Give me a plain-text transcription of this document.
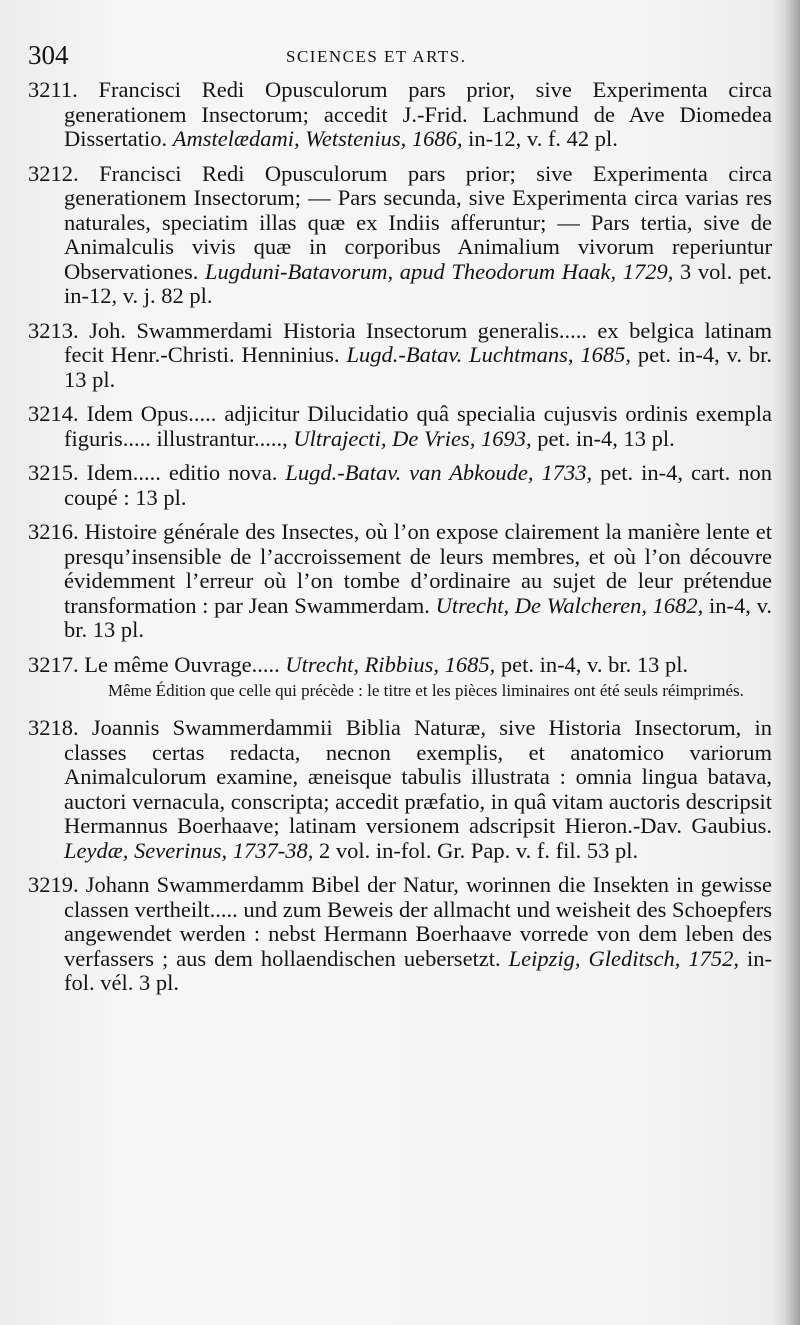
304	SCIENCES ET ARTS.
3211. Francisci Redi Opusculorum pars prior, sive Experimenta circa generationem Insectorum; accedit J.-Frid. Lachmund de Ave Diomedea Dissertatio. Amstelædami, Wetstenius, 1686, in-12, v. f. 42 pl.
3212. Francisci Redi Opusculorum pars prior; sive Experimenta circa generationem Insectorum; — Pars secunda, sive Experimenta circa varias res naturales, speciatim illas quæ ex Indiis afferuntur; — Pars tertia, sive de Animalculis vivis quæ in corporibus Animalium vivorum reperiuntur Observationes. Lugduni-Batavorum, apud Theodorum Haak, 1729, 3 vol. pet. in-12, v. j. 82 pl.
3213. Joh. Swammerdami Historia Insectorum generalis..... ex belgica latinam fecit Henr.-Christi. Henninius. Lugd.-Batav. Luchtmans, 1685, pet. in-4, v. br. 13 pl.
3214. Idem Opus..... adjicitur Dilucidatio quâ specialia cujusvis ordinis exempla figuris..... illustrantur....., Ultrajecti, De Vries, 1693, pet. in-4, 13 pl.
3215. Idem..... editio nova. Lugd.-Batav. van Abkoude, 1733, pet. in-4, cart. non coupé : 13 pl.
3216. Histoire générale des Insectes, où l’on expose clairement la manière lente et presqu’insensible de l’accroissement de leurs membres, et où l’on découvre évidemment l’erreur où l’on tombe d’ordinaire au sujet de leur prétendue transformation : par Jean Swammerdam. Utrecht, De Walcheren, 1682, in-4, v. br. 13 pl.
3217. Le même Ouvrage..... Utrecht, Ribbius, 1685, pet. in-4, v. br. 13 pl.
Même Édition que celle qui précède : le titre et les pièces liminaires ont été seuls réimprimés.
3218. Joannis Swammerdammii Biblia Naturæ, sive Historia Insectorum, in classes certas redacta, necnon exemplis, et anatomico variorum Animalculorum examine, æneisque tabulis illustrata : omnia lingua batava, auctori vernacula, conscripta; accedit præfatio, in quâ vitam auctoris descripsit Hermannus Boerhaave; latinam versionem adscripsit Hieron.-Dav. Gaubius. Leydæ, Severinus, 1737-38, 2 vol. in-fol. Gr. Pap. v. f. fil. 53 pl.
3219. Johann Swammerdamm Bibel der Natur, worinnen die Insekten in gewisse classen vertheilt..... und zum Beweis der allmacht und weisheit des Schoepfers angewendet werden : nebst Hermann Boerhaave vorrede von dem leben des verfassers ; aus dem hollaendischen uebersetzt. Leipzig, Gleditsch, 1752, in-fol. vél. 3 pl.
